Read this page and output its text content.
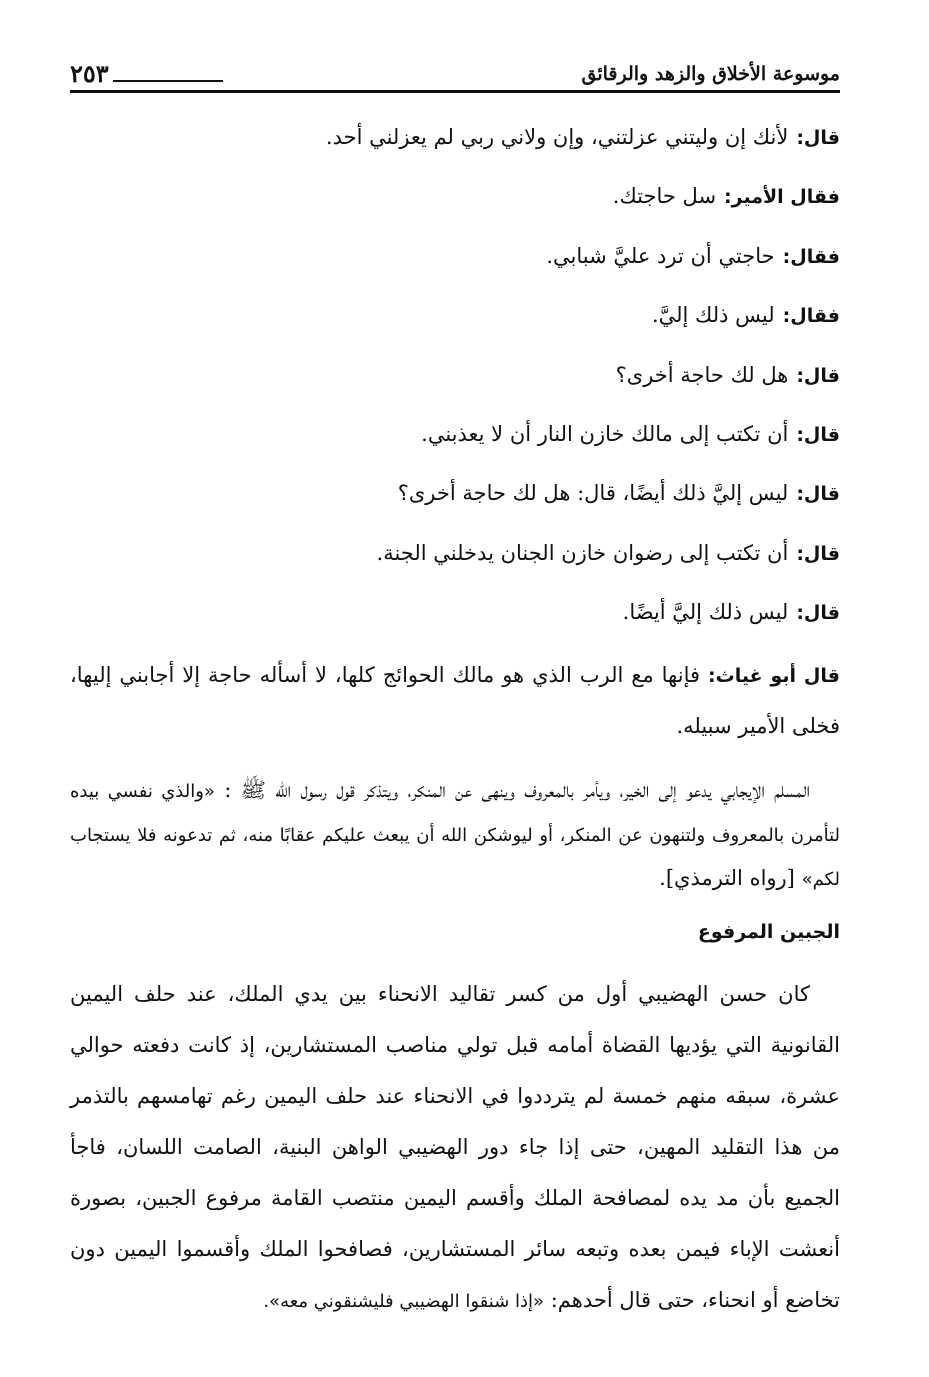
موسوعة الأخلاق والزهد والرقائق
٢٥٣

قال:لأنك إن وليتني عزلتني، وإن ولاني ربي لم يعزلني أحد.

فقال الأمير:سل حاجتك.

فقال:حاجتي أن ترد عليَّ شبابي.

فقال:ليس ذلك إليَّ.

قال:هل لك حاجة أخرى؟

قال:أن تكتب إلى مالك خازن النار أن لا يعذبني.

قال:ليس إليَّ ذلك أيضًا، قال: هل لك حاجة أخرى؟

قال:أن تكتب إلى رضوان خازن الجنان يدخلني الجنة.

قال:ليس ذلك إليَّ أيضًا.

قال أبو غياث:فإنها مع الرب الذي هو مالك الحوائج كلها، لا أسأله حاجة إلا أجابني إليها، فخلى الأمير سبيله.

المسلم الإيجابي يدعو إلى الخير، ويأمر بالمعروف وينهى عن المنكر، ويتذكر قول رسول الله ﷺ : «والذي نفسي بيده لتأمرن بالمعروف ولتنهون عن المنكر، أو ليوشكن الله أن يبعث عليكم عقابًا منه، ثم تدعونه فلا يستجاب لكم» [رواه الترمذي].

الجبين المرفوع

كان حسن الهضيبي أول من كسر تقاليد الانحناء بين يدي الملك، عند حلف اليمين القانونية التي يؤديها القضاة أمامه قبل تولي مناصب المستشارين، إذ كانت دفعته حوالي عشرة، سبقه منهم خمسة لم يترددوا في الانحناء عند حلف اليمين رغم تهامسهم بالتذمر من هذا التقليد المهين، حتى إذا جاء دور الهضيبي الواهن البنية، الصامت اللسان، فاجأ الجميع بأن مد يده لمصافحة الملك وأقسم اليمين منتصب القامة مرفوع الجبين، بصورة أنعشت الإباء فيمن بعده وتبعه سائر المستشارين، فصافحوا الملك وأقسموا اليمين دون تخاضع أو انحناء، حتى قال أحدهم: «إذا شنقوا الهضيبي فليشنقوني معه».
